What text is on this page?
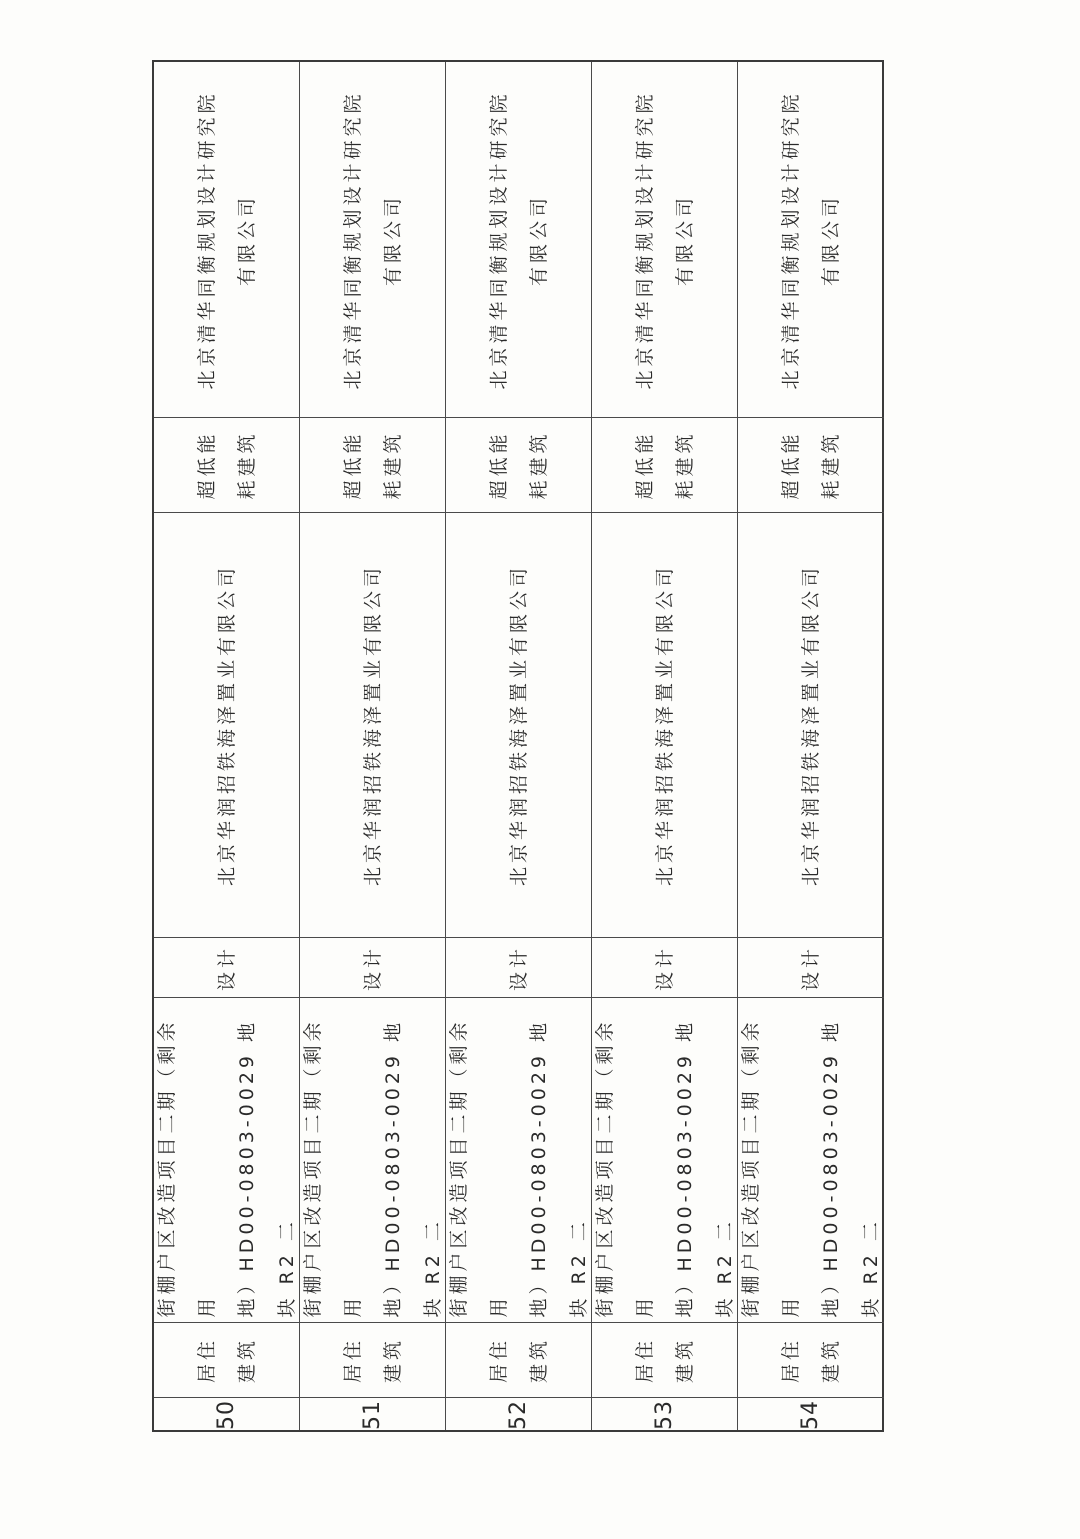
北京清华同衡规划设计研究院
有限公司
超低能
耗建筑
北京华润招铁海泽置业有限公司
设计

街棚户区改造项目二期（剩余用
地）HD00-0803-0029 地块 R2 二

居住
建筑
50
北京清华同衡规划设计研究院
有限公司
超低能
耗建筑
北京华润招铁海泽置业有限公司
设计

街棚户区改造项目二期（剩余用
地）HD00-0803-0029 地块 R2 二

居住
建筑
51
北京清华同衡规划设计研究院
有限公司
超低能
耗建筑
北京华润招铁海泽置业有限公司
设计

街棚户区改造项目二期（剩余用
地）HD00-0803-0029 地块 R2 二

居住
建筑
52
北京清华同衡规划设计研究院
有限公司
超低能
耗建筑
北京华润招铁海泽置业有限公司
设计

街棚户区改造项目二期（剩余用
地）HD00-0803-0029 地块 R2 二

居住
建筑
53
北京清华同衡规划设计研究院
有限公司
超低能
耗建筑
北京华润招铁海泽置业有限公司
设计

街棚户区改造项目二期（剩余用
地）HD00-0803-0029 地块 R2 二

居住
建筑
54
